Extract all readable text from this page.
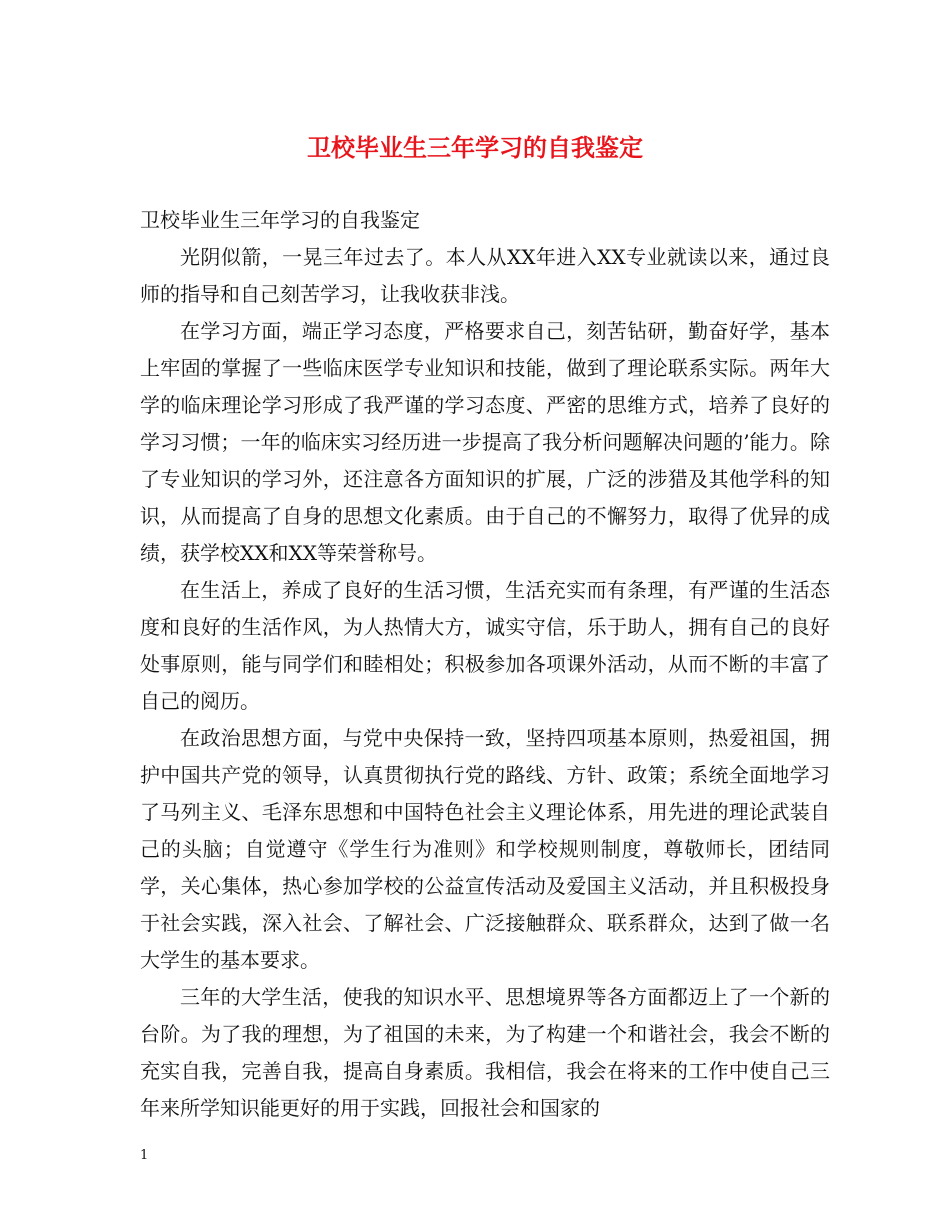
卫校毕业生三年学习的自我鉴定

卫校毕业生三年学习的自我鉴定

光阴似箭，一晃三年过去了。本人从XX年进入XX专业就读以来，通过良师的指导和自己刻苦学习，让我收获非浅。

在学习方面，端正学习态度，严格要求自己，刻苦钻研，勤奋好学，基本上牢固的掌握了一些临床医学专业知识和技能，做到了理论联系实际。两年大学的临床理论学习形成了我严谨的学习态度、严密的思维方式，培养了良好的学习习惯；一年的临床实习经历进一步提高了我分析问题解决问题的’能力。除了专业知识的学习外，还注意各方面知识的扩展，广泛的涉猎及其他学科的知识，从而提高了自身的思想文化素质。由于自己的不懈努力，取得了优异的成绩，获学校XX和XX等荣誉称号。

在生活上，养成了良好的生活习惯，生活充实而有条理，有严谨的生活态度和良好的生活作风，为人热情大方，诚实守信，乐于助人，拥有自己的良好处事原则，能与同学们和睦相处；积极参加各项课外活动，从而不断的丰富了自己的阅历。

在政治思想方面，与党中央保持一致，坚持四项基本原则，热爱祖国，拥护中国共产党的领导，认真贯彻执行党的路线、方针、政策；系统全面地学习了马列主义、毛泽东思想和中国特色社会主义理论体系，用先进的理论武装自己的头脑；自觉遵守《学生行为准则》和学校规则制度，尊敬师长，团结同学，关心集体，热心参加学校的公益宣传活动及爱国主义活动，并且积极投身于社会实践，深入社会、了解社会、广泛接触群众、联系群众，达到了做一名大学生的基本要求。

三年的大学生活，使我的知识水平、思想境界等各方面都迈上了一个新的台阶。为了我的理想，为了祖国的未来，为了构建一个和谐社会，我会不断的充实自我，完善自我，提高自身素质。我相信，我会在将来的工作中使自己三年来所学知识能更好的用于实践，回报社会和国家的

1
